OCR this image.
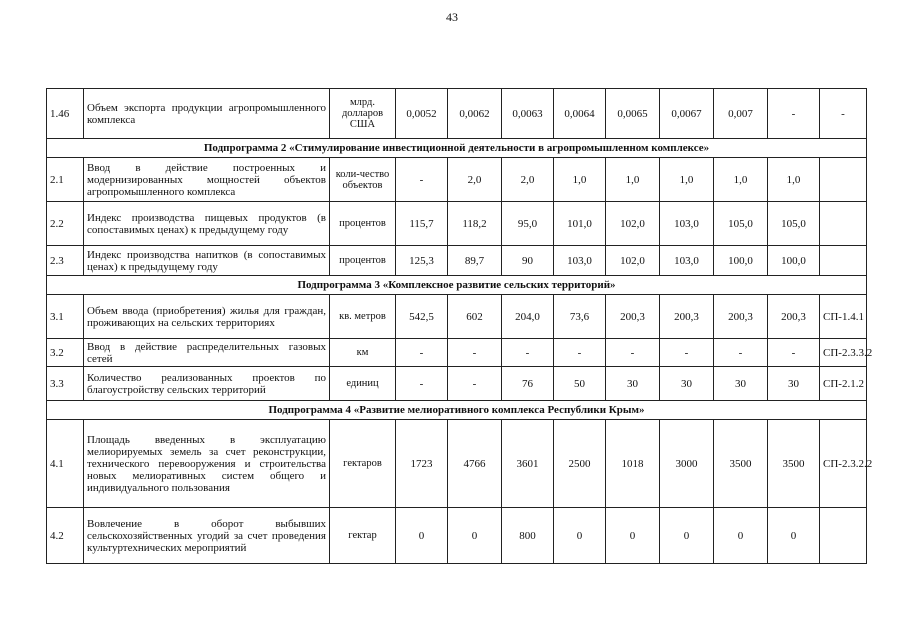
43
1.46	Объем экспорта продукции агропромышленного комплекса	млрд. долларов США	0,0052	0,0062	0,0063	0,0064	0,0065	0,0067	0,007	-	-
Подпрограмма 2 «Стимулирование инвестиционной деятельности в агропромышленном комплексе»											
2.1	Ввод в действие построенных и модернизированных мощностей объектов агропромышленного комплекса	коли-чество объектов	-	2,0	2,0	1,0	1,0	1,0	1,0	1,0	
2.2	Индекс производства пищевых продуктов (в сопоставимых ценах) к предыдущему году	процентов	115,7	118,2	95,0	101,0	102,0	103,0	105,0	105,0	
2.3	Индекс производства напитков (в сопоставимых ценах) к предыдущему году	процентов	125,3	89,7	90	103,0	102,0	103,0	100,0	100,0	
Подпрограмма 3 «Комплексное развитие сельских территорий»											
3.1	Объем ввода (приобретения) жилья для граждан, проживающих на сельских территориях	кв. метров	542,5	602	204,0	73,6	200,3	200,3	200,3	200,3	СП-1.4.1
3.2	Ввод в действие распределительных газовых сетей	км	-	-	-	-	-	-	-	-	СП-2.3.3.2
3.3	Количество реализованных проектов по благоустройству сельских территорий	единиц	-	-	76	50	30	30	30	30	СП-2.1.2
Подпрограмма 4 «Развитие мелиоративного комплекса Республики Крым»											
4.1	Площадь введенных в эксплуатацию мелиорируемых земель за счет реконструкции, технического перевооружения и строительства новых мелиоративных систем общего и индивидуального пользования	гектаров	1723	4766	3601	2500	1018	3000	3500	3500	СП-2.3.2.2
4.2	Вовлечение в оборот выбывших сельскохозяйственных угодий за счет проведения культуртехнических мероприятий	гектар	0	0	800	0	0	0	0	0	
